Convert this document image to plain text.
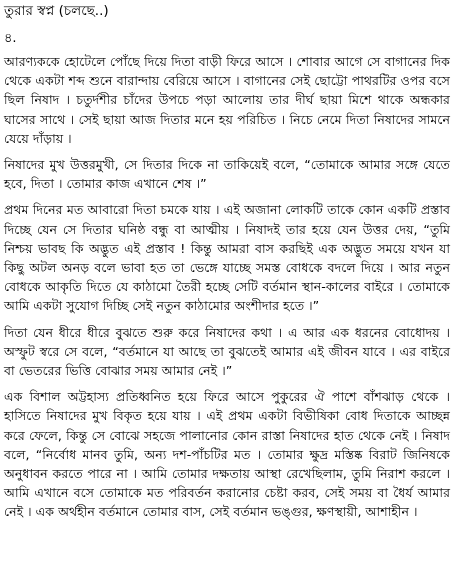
তুরার স্বপ্ন (চলছে..)
৪.

আরণ্যককে হোটেলে পোঁছে দিয়ে দিতা বাড়ী ফিরে আসে । শোবার আগে সে বাগানের দিক থেকে একটা শব্দ শুনে বারান্দায় বেরিয়ে আসে । বাগানের সেই ছোট্টো পাথরটির ওপর বসে ছিল নিষাদ । চতুর্দশীর চাঁদের উপচে পড়া আলোয় তার দীর্ঘ ছায়া মিশে থাকে অন্ধকার ঘাসের সাথে । সেই ছায়া আজ দিতার মনে হয় পরিচিত । নিচে নেমে দিতা নিষাদের সামনে যেয়ে দাঁড়ায় ।

নিষাদের মুখ উত্তরমুখী, সে দিতার দিকে না তাকিয়েই বলে, “তোমাকে আমার সঙ্গে যেতে হবে, দিতা । তোমার কাজ এখানে শেষ ।”

প্রথম দিনের মত আবারো দিতা চমকে যায় । এই অজানা লোকটি তাকে কোন একটি প্রস্তাব দিচ্ছে যেন সে দিতার ঘনিষ্ঠ বন্ধু বা আত্মীয় । নিষাদই তার হয়ে যেন উত্তর দেয়, “তুমি নিশ্চয় ভাবছ কি অদ্ভুত এই প্রস্তাব ! কিন্তু আমরা বাস করছিই এক অদ্ভুত সময়ে যখন যা কিছু অটল অনড় বলে ভাবা হত তা ভেঙ্গে যাচ্ছে সমস্ত বোধকে বদলে দিয়ে । আর নতুন বোধকে আকৃতি দিতে যে কাঠামো তৈরী হচ্ছে সেটি বর্তমান স্থান-কালের বাইরে । তোমাকে আমি একটা সুযোগ দিচ্ছি সেই নতুন কাঠামোর অংশীদার হতে ।”

দিতা যেন ধীরে ধীরে বুঝতে শুরু করে নিষাদের কথা । এ আর এক ধরনের বোধোদয় । অস্ফুট স্বরে সে বলে, “বর্তমানে যা আছে তা বুঝতেই আমার এই জীবন যাবে । এর বাইরে বা ভেতরের ভিত্তি বোঝার সময় আমার নেই ।”

এক বিশাল অট্টহাস্য প্রতিধ্বনিত হয়ে ফিরে আসে পুকুরের ঐ পাশে বাঁশঝাড় থেকে । হাসিতে নিষাদের মুখ বিকৃত হয়ে যায় । এই প্রথম একটা বিভীষিকা বোধ দিতাকে আচ্ছন্ন করে ফেলে, কিন্তু সে বোঝে সহজে পালানোর কোন রাস্তা নিষাদের হাত থেকে নেই । নিষাদ বলে, “নির্বোধ মানব তুমি, অন্য দশ-পাঁচটির মত । তোমার ক্ষুদ্র মস্তিষ্ক বিরাট জিনিষকে অনুধাবন করতে পারে না । আমি তোমার দক্ষতায় আস্থা রেখেছিলাম, তুমি নিরাশ করলে । আমি এখানে বসে তোমাকে মত পরিবর্তন করানোর চেষ্টা করব, সেই সময় বা ধৈর্য আমার নেই । এক অর্থহীন বর্তমানে তোমার বাস, সেই বর্তমান ভঙ্গুর, ক্ষণস্থায়ী, আশাহীন ।
